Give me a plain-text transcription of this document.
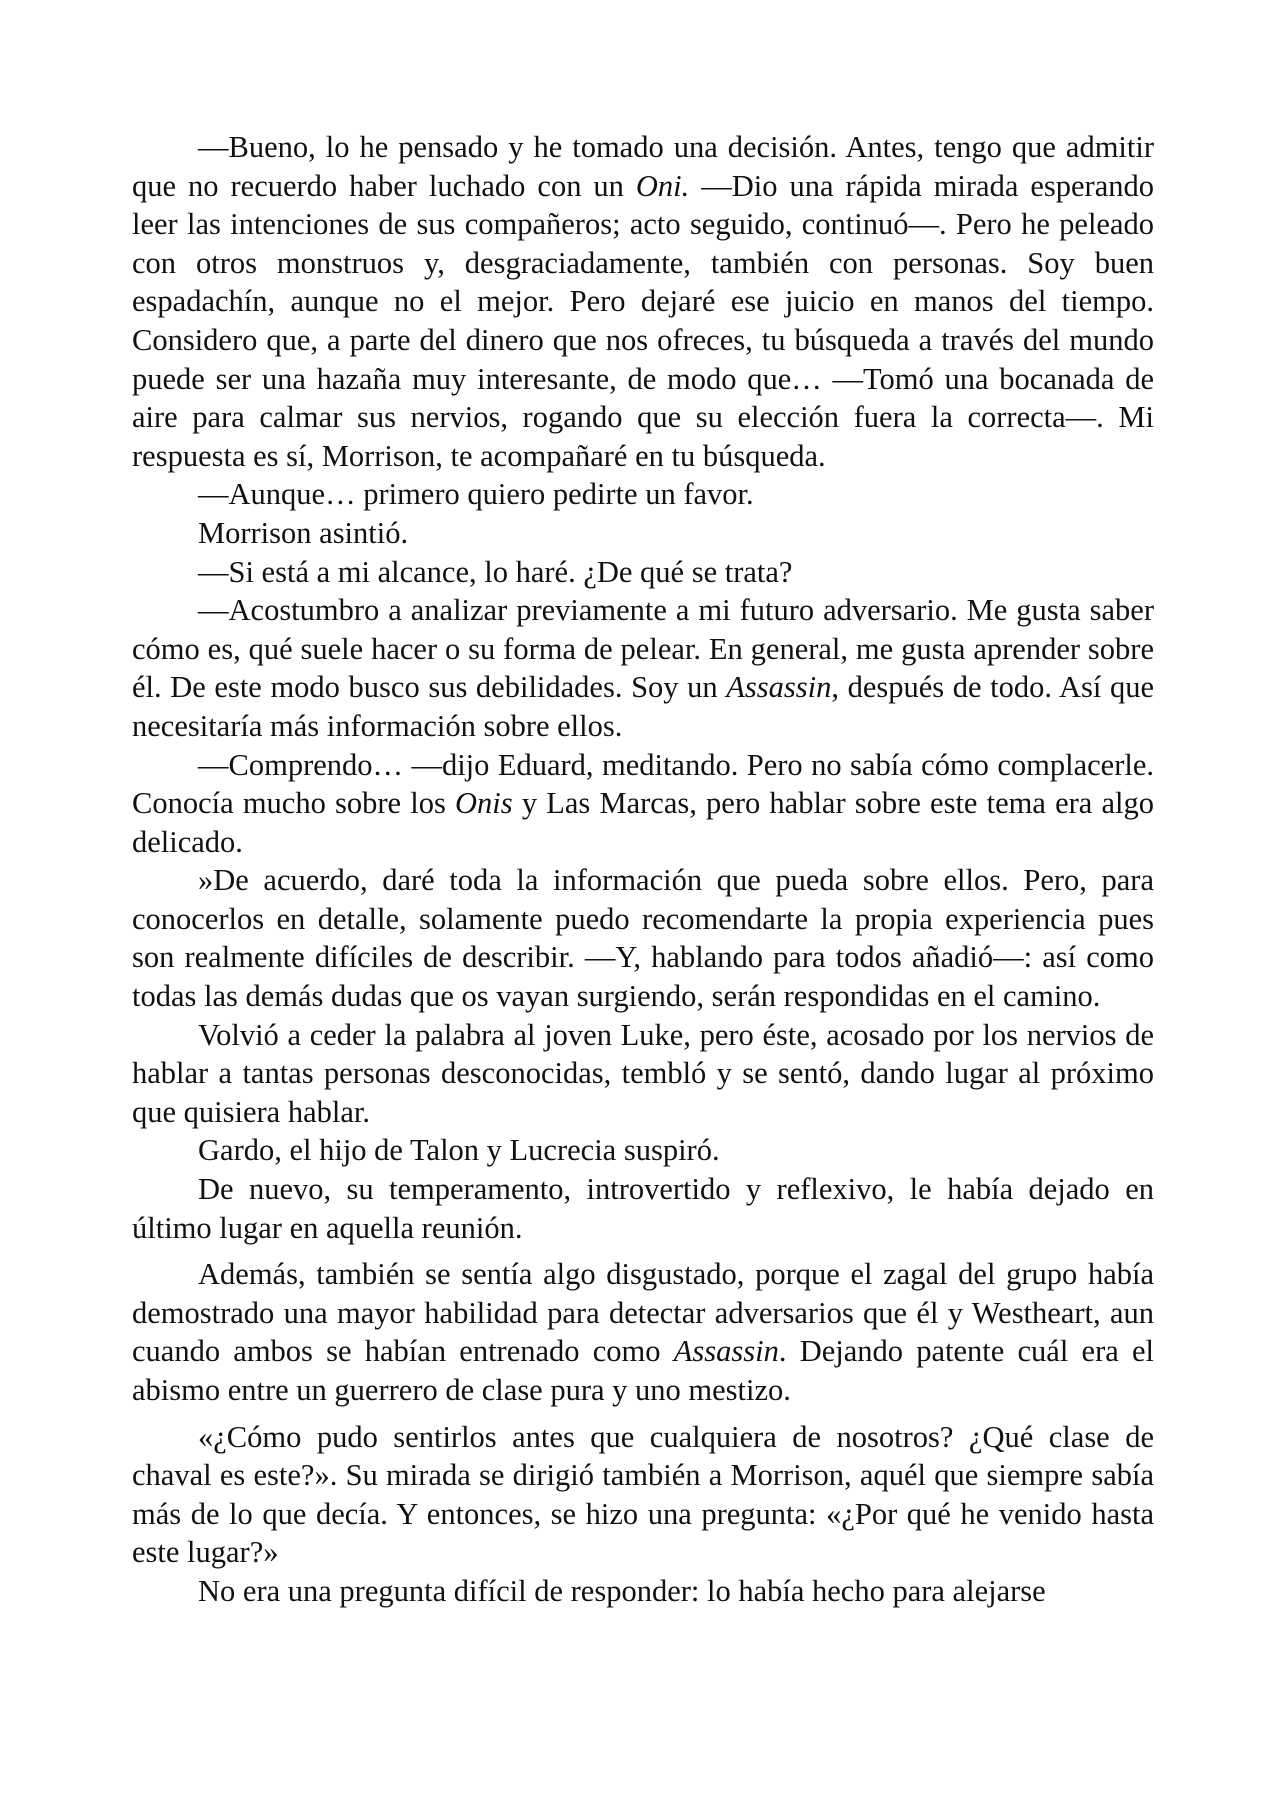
—Bueno, lo he pensado y he tomado una decisión. Antes, tengo que admitir que no recuerdo haber luchado con un Oni. —Dio una rápida mirada esperando leer las intenciones de sus compañeros; acto seguido, continuó—. Pero he peleado con otros monstruos y, desgraciadamente, también con personas. Soy buen espadachín, aunque no el mejor. Pero dejaré ese juicio en manos del tiempo. Considero que, a parte del dinero que nos ofreces, tu búsqueda a través del mundo puede ser una hazaña muy interesante, de modo que… —Tomó una bocanada de aire para calmar sus nervios, rogando que su elección fuera la correcta—. Mi respuesta es sí, Morrison, te acompañaré en tu búsqueda.

—Aunque… primero quiero pedirte un favor.

Morrison asintió.

—Si está a mi alcance, lo haré. ¿De qué se trata?

—Acostumbro a analizar previamente a mi futuro adversario. Me gusta saber cómo es, qué suele hacer o su forma de pelear. En general, me gusta aprender sobre él. De este modo busco sus debilidades. Soy un Assassin, después de todo. Así que necesitaría más información sobre ellos.

—Comprendo… —dijo Eduard, meditando. Pero no sabía cómo complacerle. Conocía mucho sobre los Onis y Las Marcas, pero hablar sobre este tema era algo delicado.

»De acuerdo, daré toda la información que pueda sobre ellos. Pero, para conocerlos en detalle, solamente puedo recomendarte la propia experiencia pues son realmente difíciles de describir. —Y, hablando para todos añadió—: así como todas las demás dudas que os vayan surgiendo, serán respondidas en el camino.

Volvió a ceder la palabra al joven Luke, pero éste, acosado por los nervios de hablar a tantas personas desconocidas, tembló y se sentó, dando lugar al próximo que quisiera hablar.

Gardo, el hijo de Talon y Lucrecia suspiró.

De nuevo, su temperamento, introvertido y reflexivo, le había dejado en último lugar en aquella reunión.

Además, también se sentía algo disgustado, porque el zagal del grupo había demostrado una mayor habilidad para detectar adversarios que él y Westheart, aun cuando ambos se habían entrenado como Assassin. Dejando patente cuál era el abismo entre un guerrero de clase pura y uno mestizo.

«¿Cómo pudo sentirlos antes que cualquiera de nosotros? ¿Qué clase de chaval es este?». Su mirada se dirigió también a Morrison, aquél que siempre sabía más de lo que decía. Y entonces, se hizo una pregunta: «¿Por qué he venido hasta este lugar?»

No era una pregunta difícil de responder: lo había hecho para alejarse
